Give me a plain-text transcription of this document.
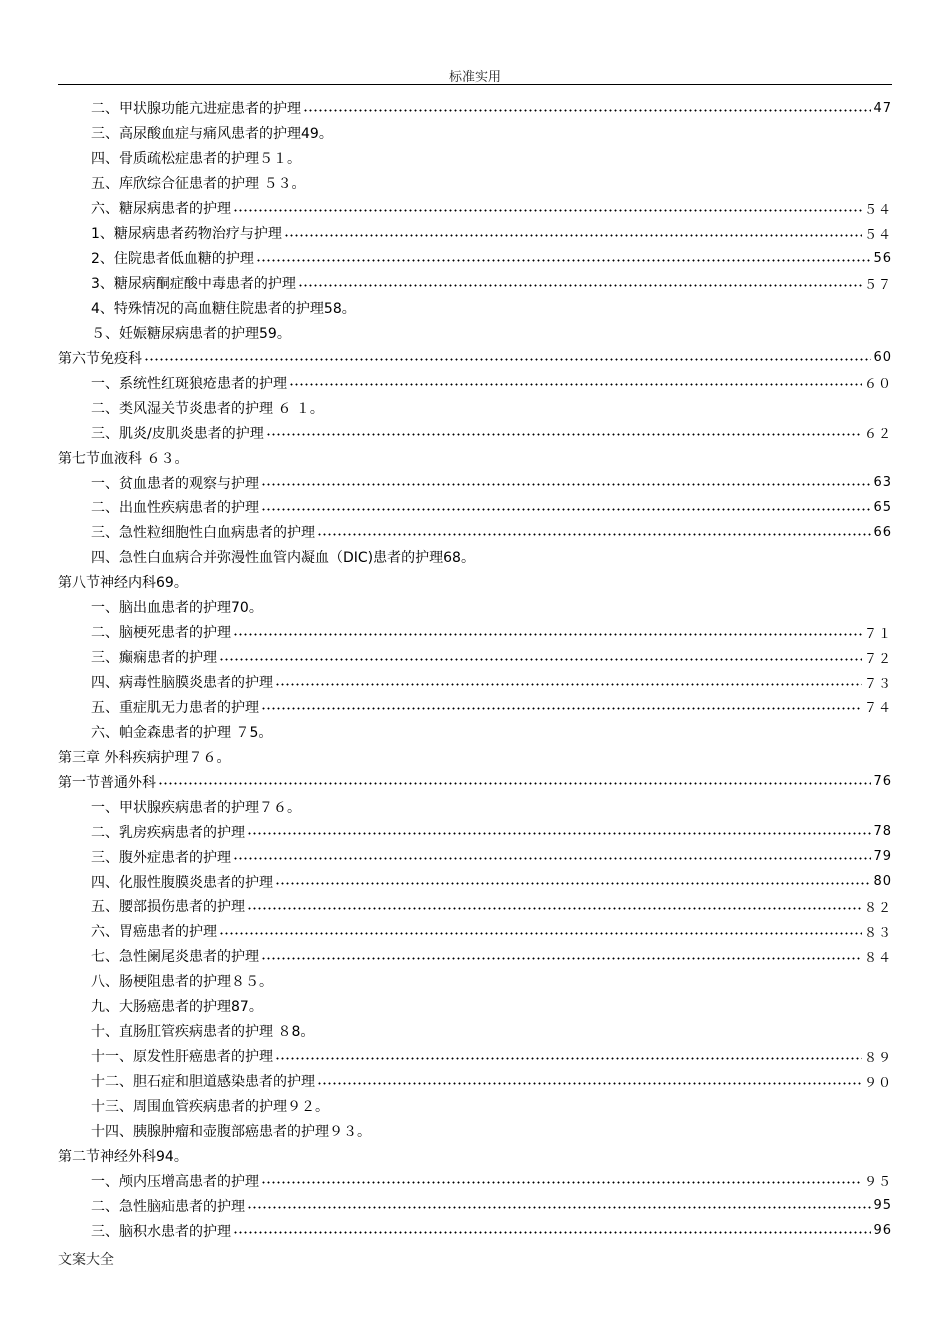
标准实用
二、甲状腺功能亢进症患者的护理	47
三、高尿酸血症与痛风患者的护理49。
四、骨质疏松症患者的护理５１。
五、库欣综合征患者的护理 ５３。
六、糖尿病患者的护理	５４
1、糖尿病患者药物治疗与护理	５４
2、住院患者低血糖的护理	56
3、糖尿病酮症酸中毒患者的护理	５７
4、特殊情况的高血糖住院患者的护理58。
５、妊娠糖尿病患者的护理59。
第六节免疫科	60
一、系统性红斑狼疮患者的护理	６０
二、类风湿关节炎患者的护理 ６ １。
三、肌炎/皮肌炎患者的护理	６２
第七节血液科 ６３。
一、贫血患者的观察与护理	63
二、出血性疾病患者的护理	65
三、急性粒细胞性白血病患者的护理	66
四、急性白血病合并弥漫性血管内凝血（DIC)患者的护理68。
第八节神经内科69。
一、脑出血患者的护理70。
二、脑梗死患者的护理	７１
三、癫痫患者的护理	７２
四、病毒性脑膜炎患者的护理	７３
五、重症肌无力患者的护理	７４
六、帕金森患者的护理 ７5。
第三章 外科疾病护理７６。
第一节普通外科	76
一、甲状腺疾病患者的护理７６。
二、乳房疾病患者的护理	78
三、腹外症患者的护理	79
四、化服性腹膜炎患者的护理	80
五、腰部损伤患者的护理	８２
六、胃癌患者的护理	８３
七、急性阑尾炎患者的护理	８４
八、肠梗阻患者的护理８５。
九、大肠癌患者的护理87。
十、直肠肛管疾病患者的护理 ８8。
十一、原发性肝癌患者的护理	８９
十二、胆石症和胆道感染患者的护理	９０
十三、周围血管疾病患者的护理９２。
十四、胰腺肿瘤和壶腹部癌患者的护理９３。
第二节神经外科94。
一、颅内压增高患者的护理	９５
二、急性脑疝患者的护理	95
三、脑积水患者的护理	96
文案大全
